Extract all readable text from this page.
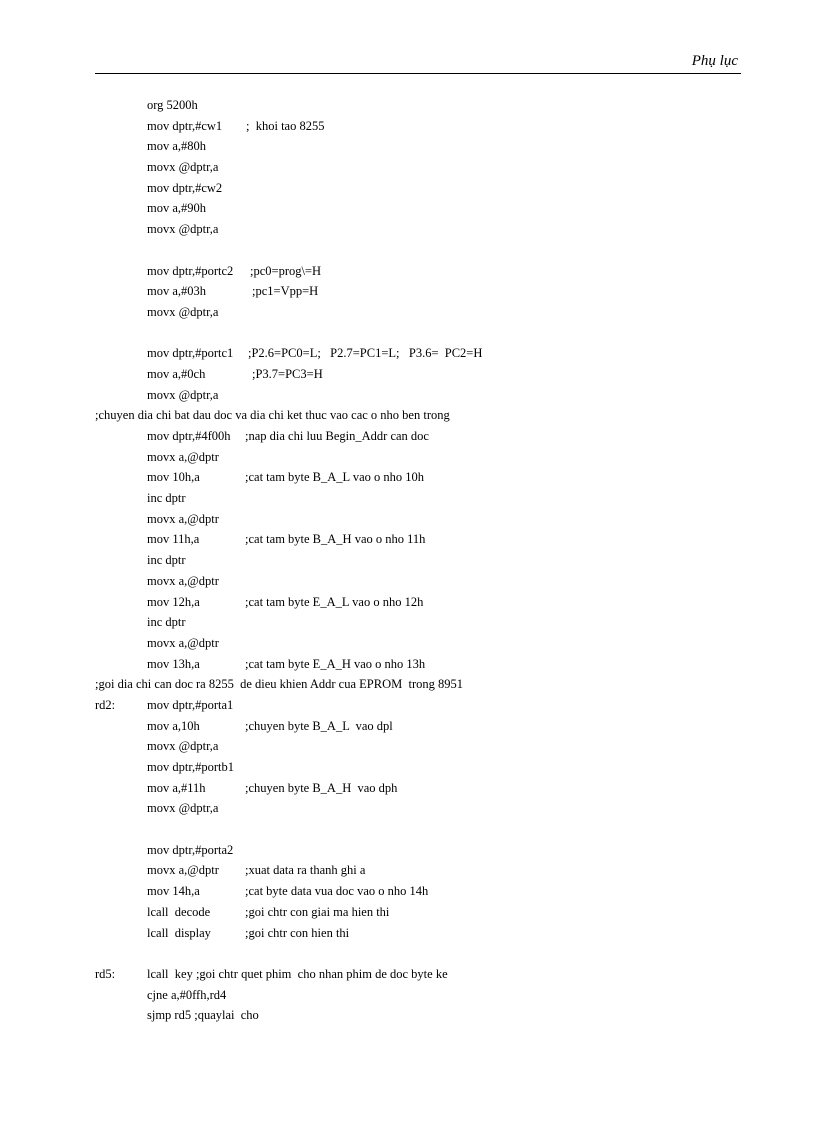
Phụ lục
org 5200h
mov dptr,#cw1 ;  khoi tao 8255
mov a,#80h
movx @dptr,a
mov dptr,#cw2
mov a,#90h
movx @dptr,a
mov dptr,#portc2 ;pc0=prog\=H
mov a,#03h	;pc1=Vpp=H
movx @dptr,a
mov dptr,#portc1 ;P2.6=PC0=L;   P2.7=PC1=L;   P3.6=  PC2=H
mov a,#0ch	;P3.7=PC3=H
movx @dptr,a
;chuyen dia chi bat dau doc va dia chi ket thuc vao cac o nho ben trong
mov dptr,#4f00h ;nap dia chi luu Begin_Addr can doc
movx a,@dptr
mov 10h,a	;cat tam byte B_A_L vao o nho 10h
inc dptr
movx a,@dptr
mov 11h,a	;cat tam byte B_A_H vao o nho 11h
inc dptr
movx a,@dptr
mov 12h,a	;cat tam byte E_A_L vao o nho 12h
inc dptr
movx a,@dptr
mov 13h,a	;cat tam byte E_A_H vao o nho 13h
;goi dia chi can doc ra 8255  de dieu khien Addr cua EPROM  trong 8951
rd2:	mov dptr,#porta1
mov a,10h	;chuyen byte B_A_L  vao dpl
movx @dptr,a
mov dptr,#portb1
mov a,#11h	;chuyen byte B_A_H  vao dph
movx @dptr,a
mov dptr,#porta2
movx a,@dptr ;xuat data ra thanh ghi a
mov 14h,a	;cat byte data vua doc vao o nho 14h
lcall  decode	;goi chtr con giai ma hien thi
lcall  display	;goi chtr con hien thi
rd5:	lcall  key ;goi chtr quet phim  cho nhan phim de doc byte ke
cjne a,#0ffh,rd4
sjmp rd5 ;quaylai  cho
